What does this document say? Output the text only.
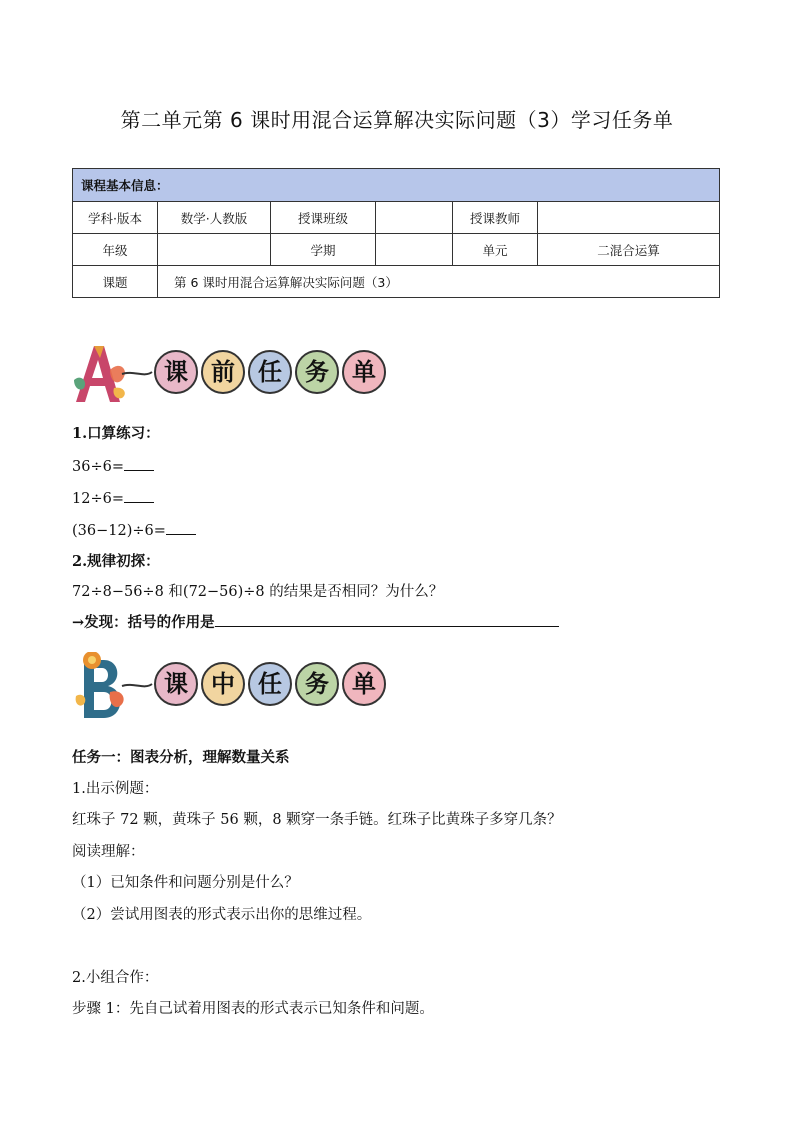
第二单元第 6 课时用混合运算解决实际问题（3）学习任务单
课程基本信息：					
学科·版本	数学·人教版	授课班级		授课教师	
年级		学期		单元	二混合运算
课题	第 6 课时用混合运算解决实际问题（3）				
课 前 任 务 单
1.口算练习：
36÷6=
12÷6=
(36−12)÷6=
2.规律初探：
72÷8−56÷8 和(72−56)÷8 的结果是否相同？为什么？
→发现：括号的作用是
课 中 任 务 单
任务一：图表分析，理解数量关系
1.出示例题：
红珠子 72 颗，黄珠子 56 颗，8 颗穿一条手链。红珠子比黄珠子多穿几条？
阅读理解：
（1）已知条件和问题分别是什么？
（2）尝试用图表的形式表示出你的思维过程。
2.小组合作：
步骤 1：先自己试着用图表的形式表示已知条件和问题。
